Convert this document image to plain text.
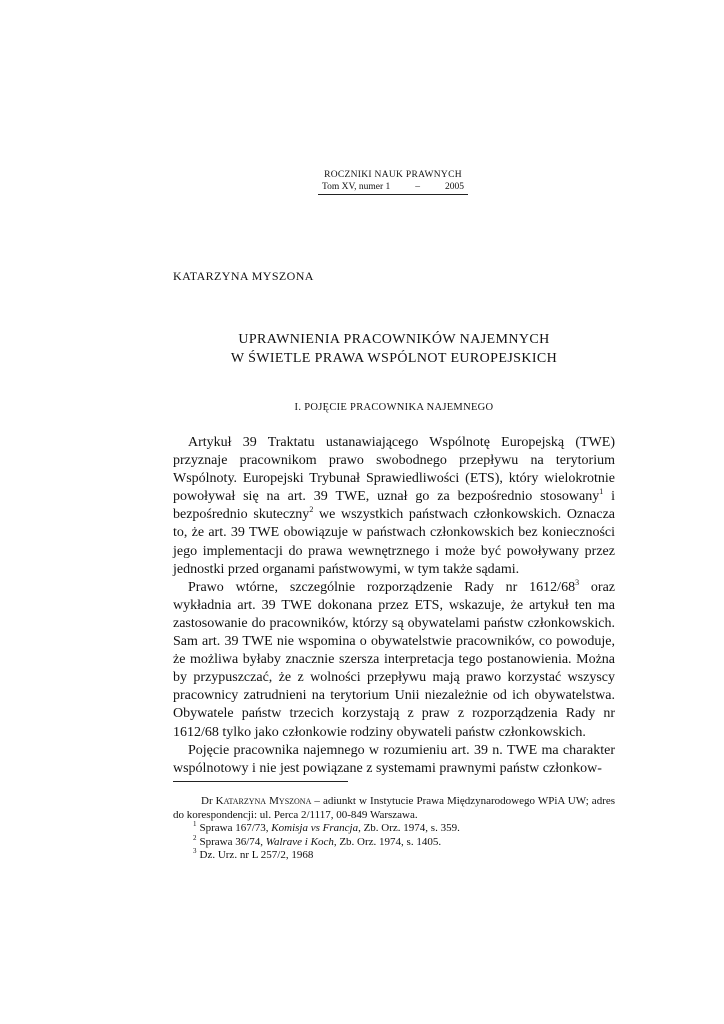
ROCZNIKI NAUK PRAWNYCH
Tom XV, numer 1	–	2005
KATARZYNA MYSZONA
UPRAWNIENIA PRACOWNIKÓW NAJEMNYCH
W ŚWIETLE PRAWA WSPÓLNOT EUROPEJSKICH
I. POJĘCIE PRACOWNIKA NAJEMNEGO

Artykuł 39 Traktatu ustanawiającego Wspólnotę Europejską (TWE) przyznaje pracownikom prawo swobodnego przepływu na terytorium Wspólnoty. Europejski Trybunał Sprawiedliwości (ETS), który wielokrotnie powoływał się na art. 39 TWE, uznał go za bezpośrednio stosowany$^1$ i bezpośrednio skuteczny$^2$ we wszystkich państwach członkowskich. Oznacza to, że art. 39 TWE obowiązuje w państwach członkowskich bez konieczności jego implementacji do prawa wewnętrznego i może być powoływany przez jednostki przed organami państwowymi, w tym także sądami.

Prawo wtórne, szczególnie rozporządzenie Rady nr $1612/68^3$ oraz wykładnia art. 39 TWE dokonana przez ETS, wskazuje, że artykuł ten ma zastosowanie do pracowników, którzy są obywatelami państw członkowskich. Sam art. 39 TWE nie wspomina o obywatelstwie pracowników, co powoduje, że możliwa byłaby znacznie szersza interpretacja tego postanowienia. Można by przypuszczać, że z wolności przepływu mają prawo korzystać wszyscy pracownicy zatrudnieni na terytorium Unii niezależnie od ich obywatelstwa. Obywatele państw trzecich korzystają z praw z rozporządzenia Rady nr 1612/68 tylko jako członkowie rodziny obywateli państw członkowskich.

Pojęcie pracownika najemnego w rozumieniu art. 39 n. TWE ma charakter wspólnotowy i nie jest powiązane z systemami prawnymi państw członkow-

Dr Katarzyna Myszona – adiunkt w Instytucie Prawa Międzynarodowego WPiA UW; adres do korespondencji: ul. Perca 2/1117, 00-849 Warszawa.

$^1$ Sprawa 167/73, Komisja vs Francja, Zb. Orz. 1974, s. 359.

$^2$ Sprawa 36/74, Walrave i Koch, Zb. Orz. 1974, s. 1405.

$^3$ Dz. Urz. nr L 257/2, 1968
